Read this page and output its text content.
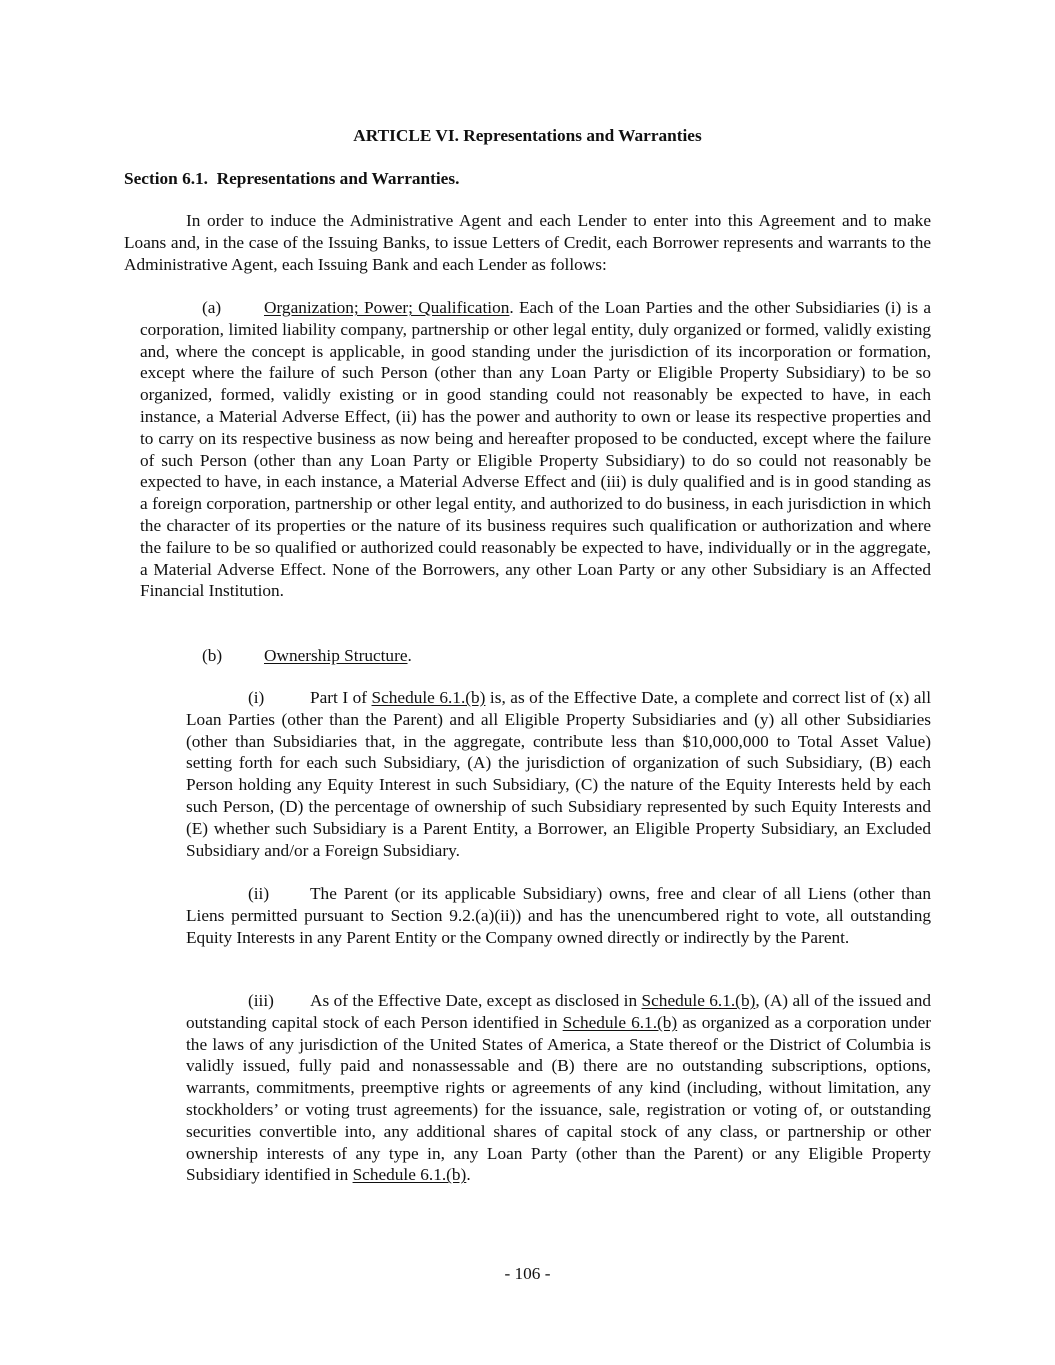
ARTICLE VI. Representations and Warranties
Section 6.1.  Representations and Warranties.

In order to induce the Administrative Agent and each Lender to enter into this Agreement and to make Loans and, in the case of the Issuing Banks, to issue Letters of Credit, each Borrower represents and warrants to the Administrative Agent, each Issuing Bank and each Lender as follows:

(a) Organization; Power; Qualification. Each of the Loan Parties and the other Subsidiaries (i) is a corporation, limited liability company, partnership or other legal entity, duly organized or formed, validly existing and, where the concept is applicable, in good standing under the jurisdiction of its incorporation or formation, except where the failure of such Person (other than any Loan Party or Eligible Property Subsidiary) to be so organized, formed, validly existing or in good standing could not reasonably be expected to have, in each instance, a Material Adverse Effect, (ii) has the power and authority to own or lease its respective properties and to carry on its respective business as now being and hereafter proposed to be conducted, except where the failure of such Person (other than any Loan Party or Eligible Property Subsidiary) to do so could not reasonably be expected to have, in each instance, a Material Adverse Effect and (iii) is duly qualified and is in good standing as a foreign corporation, partnership or other legal entity, and authorized to do business, in each jurisdiction in which the character of its properties or the nature of its business requires such qualification or authorization and where the failure to be so qualified or authorized could reasonably be expected to have, individually or in the aggregate, a Material Adverse Effect. None of the Borrowers, any other Loan Party or any other Subsidiary is an Affected Financial Institution.

(b) Ownership Structure.

(i)	Part I of Schedule 6.1.(b) is, as of the Effective Date, a complete and correct list of (x) all Loan Parties (other than the Parent) and all Eligible Property Subsidiaries and (y) all other Subsidiaries (other than Subsidiaries that, in the aggregate, contribute less than $10,000,000 to Total Asset Value) setting forth for each such Subsidiary, (A) the jurisdiction of organization of such Subsidiary, (B) each Person holding any Equity Interest in such Subsidiary, (C) the nature of the Equity Interests held by each such Person, (D) the percentage of ownership of such Subsidiary represented by such Equity Interests and (E) whether such Subsidiary is a Parent Entity, a Borrower, an Eligible Property Subsidiary, an Excluded Subsidiary and/or a Foreign Subsidiary.

(ii) The Parent (or its applicable Subsidiary) owns, free and clear of all Liens (other than Liens permitted pursuant to Section 9.2.(a)(ii)) and has the unencumbered right to vote, all outstanding Equity Interests in any Parent Entity or the Company owned directly or indirectly by the Parent.

(iii) As of the Effective Date, except as disclosed in Schedule 6.1.(b), (A) all of the issued and outstanding capital stock of each Person identified in Schedule 6.1.(b) as organized as a corporation under the laws of any jurisdiction of the United States of America, a State thereof or the District of Columbia is validly issued, fully paid and nonassessable and (B) there are no outstanding subscriptions, options, warrants, commitments, preemptive rights or agreements of any kind (including, without limitation, any stockholders’ or voting trust agreements) for the issuance, sale, registration or voting of, or outstanding securities convertible into, any additional shares of capital stock of any class, or partnership or other ownership interests of any type in, any Loan Party (other than the Parent) or any Eligible Property Subsidiary identified in Schedule 6.1.(b).

- 106 -
